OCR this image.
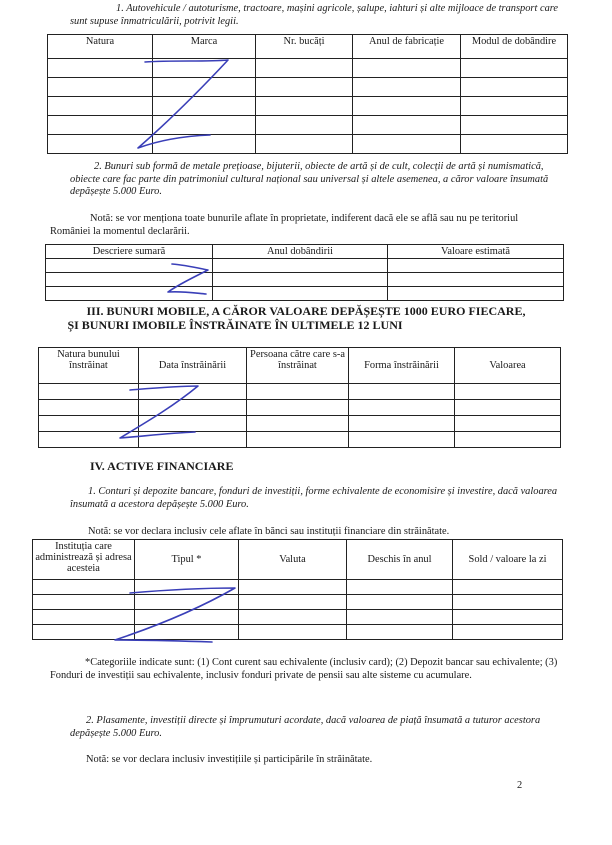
1. Autovehicule / autoturisme, tractoare, mașini agricole, șalupe, iahturi și alte mijloace de transport care sunt supuse înmatriculării, potrivit legii.
Natura	Marca	Nr. bucăți	Anul de fabricație	Modul de dobândire

2. Bunuri sub formă de metale prețioase, bijuterii, obiecte de artă și de cult, colecții de artă și numismatică, obiecte care fac parte din patrimoniul cultural național sau universal și altele asemenea, a căror valoare însumată depășește 5.000 Euro.
Notă: se vor menționa toate bunurile aflate în proprietate, indiferent dacă ele se află sau nu pe teritoriul României la momentul declarării.
Descriere sumară	Anul dobândirii	Valoare estimată

III. BUNURI MOBILE, A CĂROR VALOARE DEPĂȘEȘTE 1000 EURO FIECARE,
ȘI BUNURI IMOBILE ÎNSTRĂINATE ÎN ULTIMELE 12 LUNI
Natura bunului înstrăinat	Data înstrăinării	Persoana către care s-a înstrăinat	Forma înstrăinării	Valoarea

IV. ACTIVE FINANCIARE
1. Conturi și depozite bancare, fonduri de investiții, forme echivalente de economisire și investire, dacă valoarea însumată a acestora depășește 5.000 Euro.
Notă: se vor declara inclusiv cele aflate în bănci sau instituții financiare din străinătate.
Instituția care administrează și adresa acesteia	Tipul *	Valuta	Deschis în anul	Sold / valoare la zi

*Categoriile indicate sunt: (1) Cont curent sau echivalente (inclusiv card); (2) Depozit bancar sau echivalente; (3) Fonduri de investiții sau echivalente, inclusiv fonduri private de pensii sau alte sisteme cu acumulare.
2. Plasamente, investiții directe și împrumuturi acordate, dacă valoarea de piață însumată a tuturor acestora depășește 5.000 Euro.
Notă: se vor declara inclusiv investițiile și participările în străinătate.
2
